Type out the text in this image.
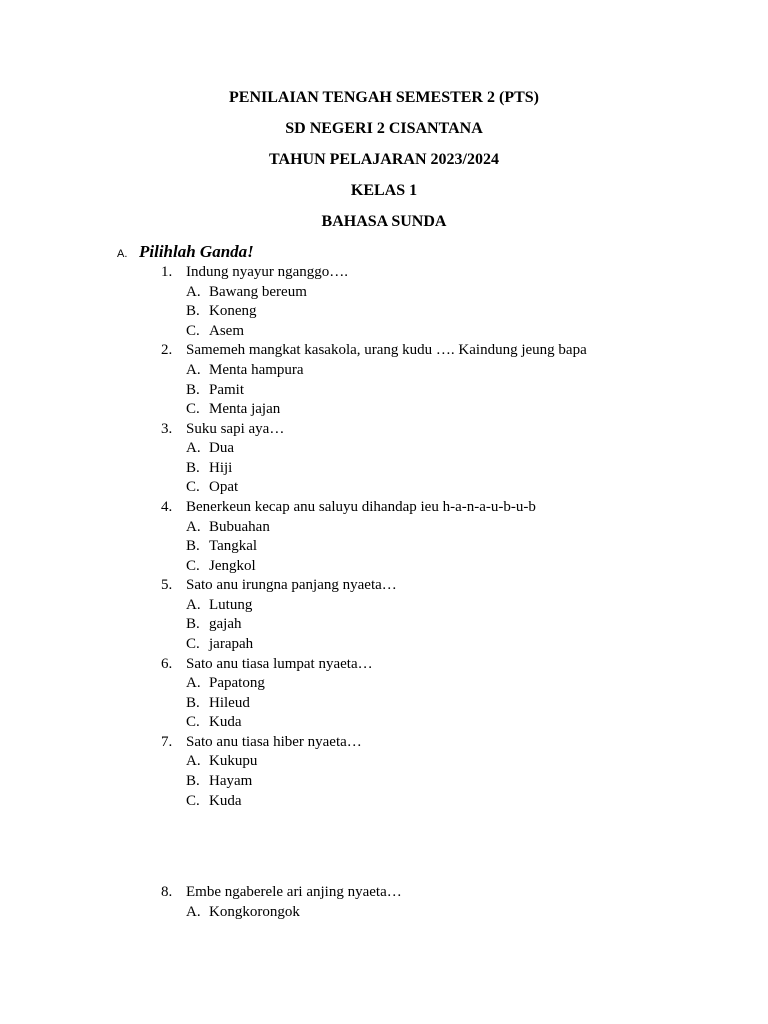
PENILAIAN TENGAH SEMESTER 2 (PTS)
SD NEGERI 2 CISANTANA
TAHUN PELAJARAN 2023/2024
KELAS 1
BAHASA SUNDA
A. Pilihlah Ganda!
1. Indung nyayur nganggo….
A. Bawang bereum
B. Koneng
C. Asem
2. Samemeh mangkat kasakola, urang kudu …. Kaindung jeung bapa
A. Menta hampura
B. Pamit
C. Menta jajan
3. Suku sapi aya…
A. Dua
B. Hiji
C. Opat
4. Benerkeun kecap anu saluyu dihandap ieu h-a-n-a-u-b-u-b
A. Bubuahan
B. Tangkal
C. Jengkol
5. Sato anu irungna panjang nyaeta…
A. Lutung
B. gajah
C. jarapah
6. Sato anu tiasa lumpat nyaeta…
A. Papatong
B. Hileud
C. Kuda
7. Sato anu tiasa hiber nyaeta…
A. Kukupu
B. Hayam
C. Kuda
8. Embe ngaberele ari anjing nyaeta…
A. Kongkorongok
